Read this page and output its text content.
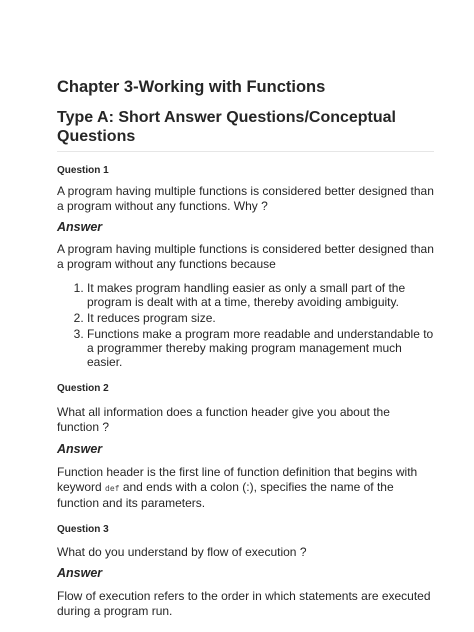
Chapter 3-Working with Functions
Type A: Short Answer Questions/Conceptual Questions

Question 1

A program having multiple functions is considered better designed than a program without any functions. Why ?

Answer

A program having multiple functions is considered better designed than a program without any functions because

1. It makes program handling easier as only a small part of the program is dealt with at a time, thereby avoiding ambiguity.
2. It reduces program size.
3. Functions make a program more readable and understandable to a programmer thereby making program management much easier.

Question 2

What all information does a function header give you about the function ?

Answer

Function header is the first line of function definition that begins with keyword def and ends with a colon (:), specifies the name of the function and its parameters.

Question 3

What do you understand by flow of execution ?

Answer

Flow of execution refers to the order in which statements are executed during a program run.
